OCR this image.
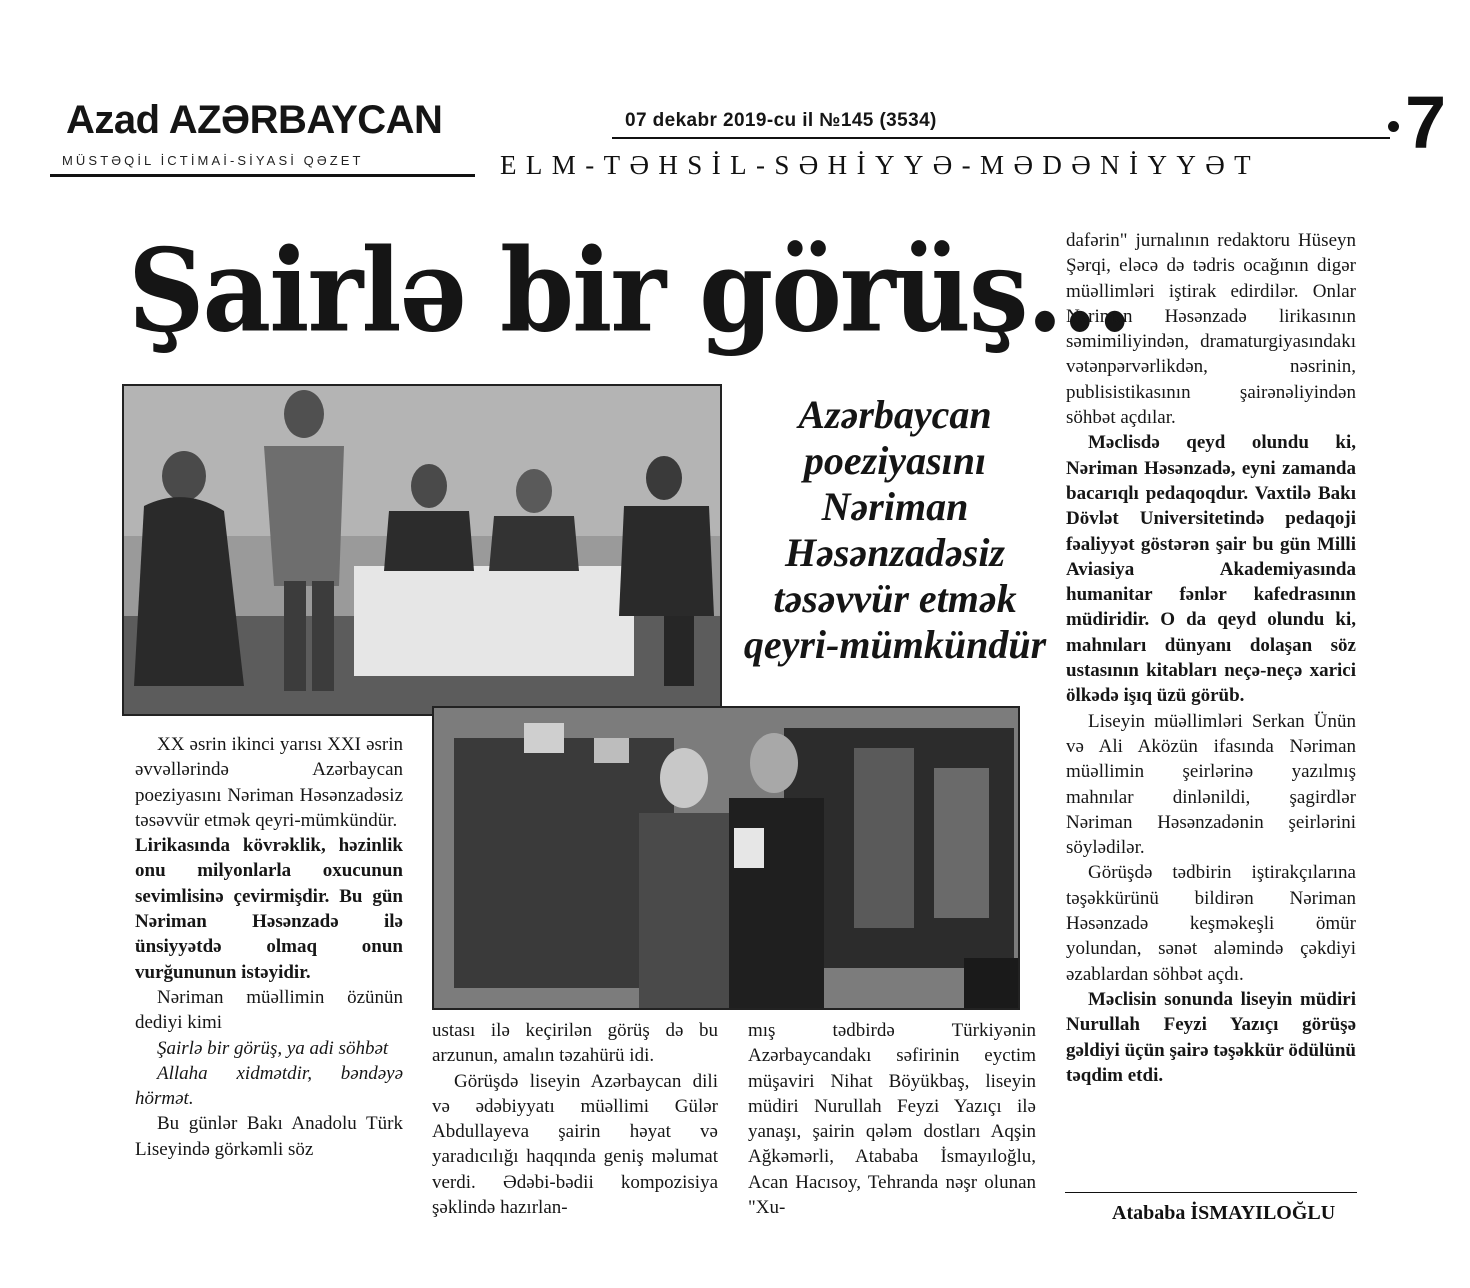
Azad AZƏRBAYCAN
MÜSTƏQİL İCTİMAİ-SİYASİ QƏZET
07 dekabr 2019-cu il №145 (3534)	7
ELM-TƏHSİL-SƏHİYYƏ-MƏDƏNİYYƏT
Şairlə bir görüş...
Azərbaycan
poeziyasını
Nəriman
Həsənzadəsiz
təsəvvür etmək
qeyri-mümkündür

XX əsrin ikinci yarısı XXI əsrin əvvəllərində Azərbaycan poeziyasını Nəriman Həsənzadəsiz təsəvvür etmək qeyri-mümkündür.

Lirikasında kövrəklik, həzinlik onu milyonlarla oxucunun sevimlisinə çevirmişdir. Bu gün Nəriman Həsənzadə ilə ünsiyyətdə olmaq onun vurğununun istəyidir.

Nəriman müəllimin özünün dediyi kimi

Şairlə bir görüş, ya adi söhbət

Allaha xidmətdir, bəndəyə hörmət.

Bu günlər Bakı Anadolu Türk Liseyində görkəmli söz

ustası ilə keçirilən görüş də bu arzunun, amalın təzahürü idi.

Görüşdə liseyin Azərbaycan dili və ədəbiyyatı müəllimi Gülər Abdullayeva şairin həyat və yaradıcılığı haqqında geniş məlumat verdi. Ədəbi-bədii kompozisiya şəklində hazırlan-

mış tədbirdə Türkiyənin Azərbaycandakı səfirinin eyctim müşaviri Nihat Böyükbaş, liseyin müdiri Nurullah Feyzi Yazıçı ilə yanaşı, şairin qələm dostları Aqşin Ağkəmərli, Atababa İsmayıloğlu, Acan Hacısoy, Tehranda nəşr olunan "Xu-

dafərin" jurnalının redaktoru Hüseyn Şərqi, eləcə də tədris ocağının digər müəllimləri iştirak edirdilər. Onlar Nəriman Həsənzadə lirikasının səmimiliyindən, dramaturgiyasındakı vətənpərvərlikdən, nəsrinin, publisistikasının şairənəliyindən söhbət açdılar.

Məclisdə qeyd olundu ki, Nəriman Həsənzadə, eyni zamanda bacarıqlı pedaqoqdur. Vaxtilə Bakı Dövlət Universitetində pedaqoji fəaliyyət göstərən şair bu gün Milli Aviasiya Akademiyasında humanitar fənlər kafedrasının müdiridir. O da qeyd olundu ki, mahnıları dünyanı dolaşan söz ustasının kitabları neçə-neçə xarici ölkədə işıq üzü görüb.

Liseyin müəllimləri Serkan Ünün və Ali Aközün ifasında Nəriman müəllimin şeirlərinə yazılmış mahnılar dinlənildi, şagirdlər Nəriman Həsənzadənin şeirlərini söylədilər.

Görüşdə tədbirin iştirakçılarına təşəkkürünü bildirən Nəriman Həsənzadə keşməkeşli ömür yolundan, sənət aləmində çəkdiyi əzablardan söhbət açdı.

Məclisin sonunda liseyin müdiri Nurullah Feyzi Yazıçı görüşə gəldiyi üçün şairə təşəkkür ödülünü təqdim etdi.

Atababa İSMAYILOĞLU
